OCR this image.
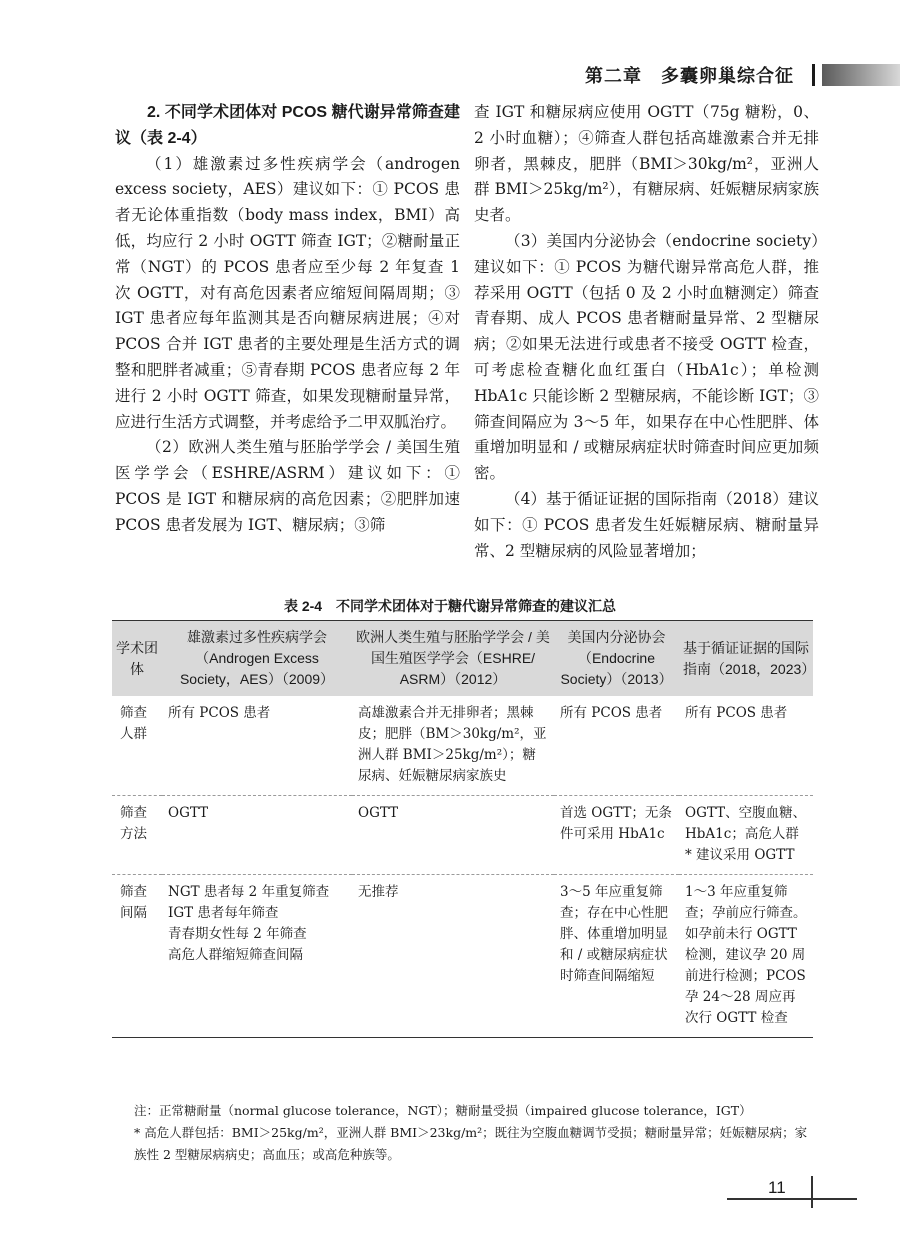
第二章　多囊卵巢综合征

2. 不同学术团体对 PCOS 糖代谢异常筛查建议（表 2-4）

（1）雄激素过多性疾病学会（androgen excess society，AES）建议如下：① PCOS 患者无论体重指数（body mass index，BMI）高低，均应行 2 小时 OGTT 筛查 IGT；②糖耐量正常（NGT）的 PCOS 患者应至少每 2 年复查 1 次 OGTT，对有高危因素者应缩短间隔周期；③ IGT 患者应每年监测其是否向糖尿病进展；④对 PCOS 合并 IGT 患者的主要处理是生活方式的调整和肥胖者减重；⑤青春期 PCOS 患者应每 2 年进行 2 小时 OGTT 筛查，如果发现糖耐量异常，应进行生活方式调整，并考虑给予二甲双胍治疗。

（2）欧洲人类生殖与胚胎学学会 / 美国生殖医学学会（ESHRE/ASRM）建议如下：① PCOS 是 IGT 和糖尿病的高危因素；②肥胖加速 PCOS 患者发展为 IGT、糖尿病；③筛

查 IGT 和糖尿病应使用 OGTT（75g 糖粉，0、2 小时血糖）；④筛查人群包括高雄激素合并无排卵者，黑棘皮，肥胖（BMI＞30kg/m²，亚洲人群 BMI＞25kg/m²），有糖尿病、妊娠糖尿病家族史者。

（3）美国内分泌协会（endocrine society）建议如下：① PCOS 为糖代谢异常高危人群，推荐采用 OGTT（包括 0 及 2 小时血糖测定）筛查青春期、成人 PCOS 患者糖耐量异常、2 型糖尿病；②如果无法进行或患者不接受 OGTT 检查，可考虑检查糖化血红蛋白（HbA1c）；单检测 HbA1c 只能诊断 2 型糖尿病，不能诊断 IGT；③筛查间隔应为 3～5 年，如果存在中心性肥胖、体重增加明显和 / 或糖尿病症状时筛查时间应更加频密。

（4）基于循证证据的国际指南（2018）建议如下：① PCOS 患者发生妊娠糖尿病、糖耐量异常、2 型糖尿病的风险显著增加；

表 2-4　不同学术团体对于糖代谢异常筛查的建议汇总
学术团体	雄激素过多性疾病学会（Androgen Excess Society，AES）（2009）	欧洲人类生殖与胚胎学学会 / 美国生殖医学学会（ESHRE/ ASRM）（2012）	美国内分泌协会（Endocrine Society）（2013）	基于循证证据的国际指南（2018，2023）
筛查人群	所有 PCOS 患者	高雄激素合并无排卵者；黑棘皮；肥胖（BM＞30kg/m²，亚洲人群 BMI＞25kg/m²）；糖尿病、妊娠糖尿病家族史	所有 PCOS 患者	所有 PCOS 患者
筛查方法	OGTT	OGTT	首选 OGTT；无条件可采用 HbA1c	OGTT、空腹血糖、HbA1c；高危人群 * 建议采用 OGTT
筛查间隔	NGT 患者每 2 年重复筛查
IGT 患者每年筛查
青春期女性每 2 年筛查
高危人群缩短筛查间隔	无推荐	3～5 年应重复筛查；存在中心性肥胖、体重增加明显和 / 或糖尿病症状时筛查间隔缩短	1～3 年应重复筛查；孕前应行筛查。如孕前未行 OGTT 检测，建议孕 20 周前进行检测；PCOS 孕 24～28 周应再次行 OGTT 检查

注：正常糖耐量（normal glucose tolerance，NGT）；糖耐量受损（impaired glucose tolerance，IGT）

* 高危人群包括：BMI＞25kg/m²，亚洲人群 BMI＞23kg/m²；既往为空腹血糖调节受损；糖耐量异常；妊娠糖尿病；家族性 2 型糖尿病病史；高血压；或高危种族等。

11
